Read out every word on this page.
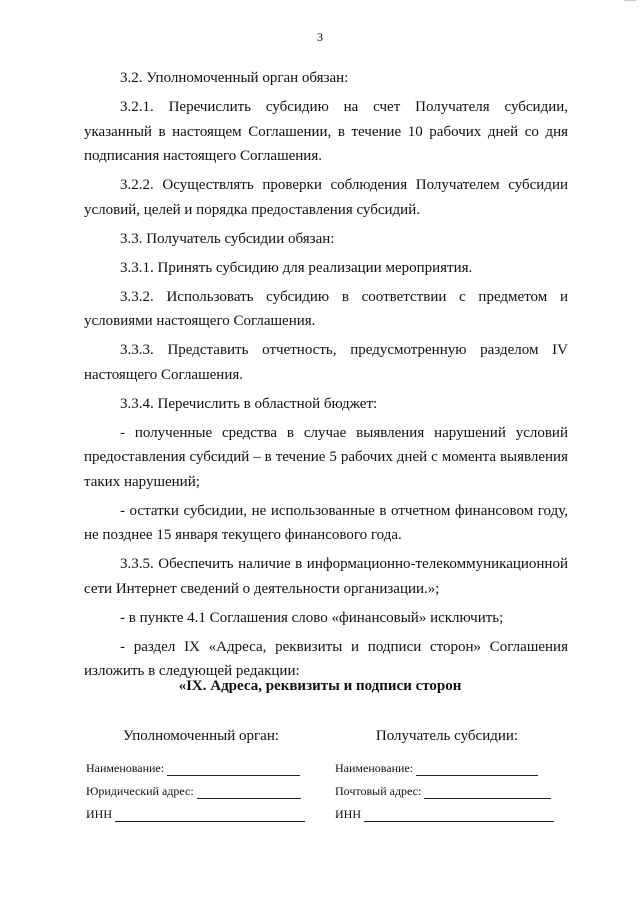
3

3.2. Уполномоченный орган обязан:

3.2.1. Перечислить субсидию на счет Получателя субсидии, указанный в настоящем Соглашении, в течение 10 рабочих дней со дня подписания настоящего Соглашения.

3.2.2. Осуществлять проверки соблюдения Получателем субсидии условий, целей и порядка предоставления субсидий.

3.3. Получатель субсидии обязан:

3.3.1. Принять субсидию для реализации мероприятия.

3.3.2. Использовать субсидию в соответствии с предметом и условиями настоящего Соглашения.

3.3.3. Представить отчетность, предусмотренную разделом IV настоящего Соглашения.

3.3.4. Перечислить в областной бюджет:

- полученные средства в случае выявления нарушений условий предоставления субсидий – в течение 5 рабочих дней с момента выявления таких нарушений;

- остатки субсидии, не использованные в отчетном финансовом году, не позднее 15 января текущего финансового года.

3.3.5. Обеспечить наличие в информационно-телекоммуникационной сети Интернет сведений о деятельности организации.»;

- в пункте 4.1 Соглашения слово «финансовый» исключить;

- раздел IX «Адреса, реквизиты и подписи сторон» Соглашения изложить в следующей редакции:

«IX. Адреса, реквизиты и подписи сторон
Уполномоченный орган:
Наименование:
Юридический адрес:
ИНН
Получатель субсидии:
Наименование:
Почтовый адрес:
ИНН
